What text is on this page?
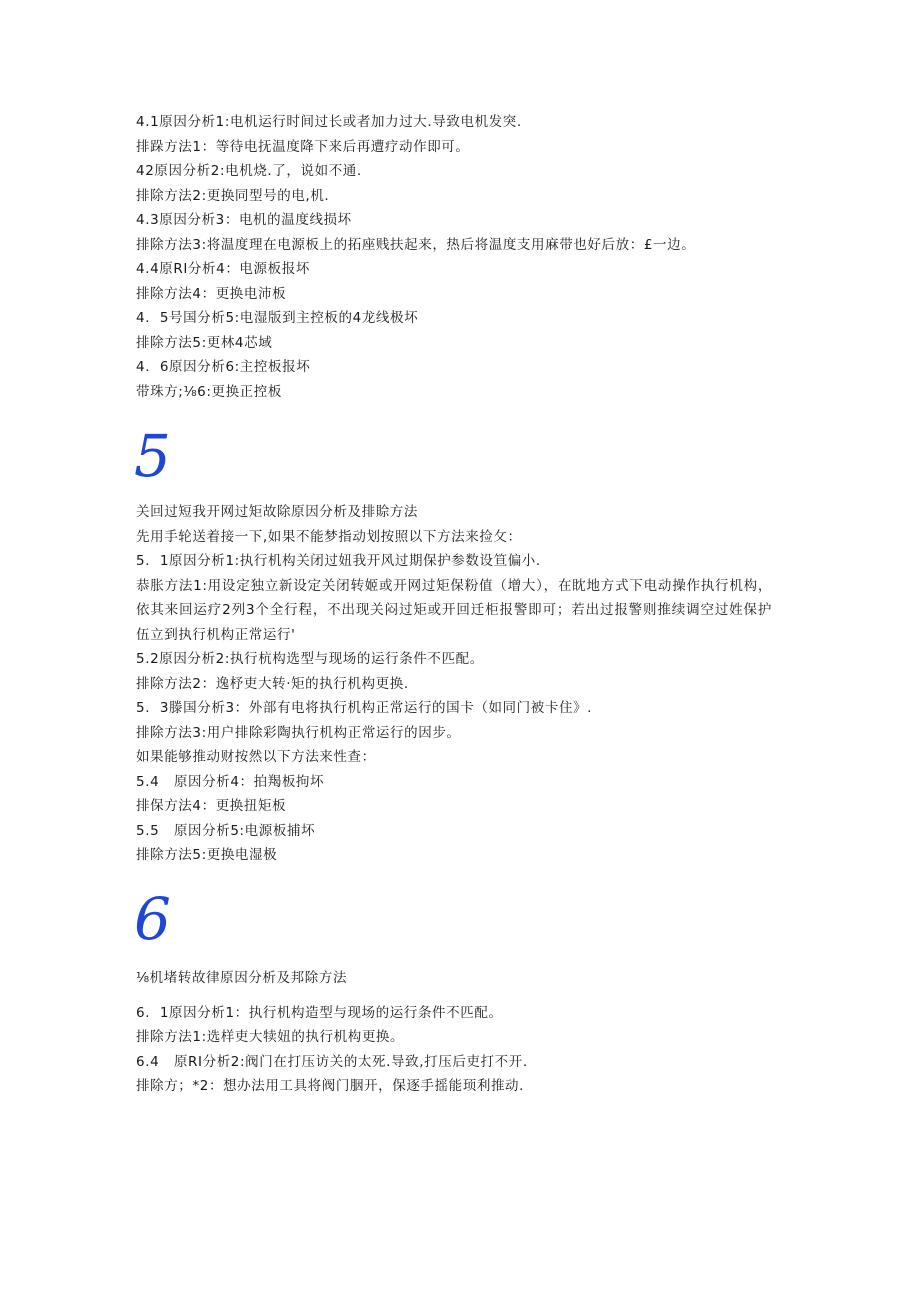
4.1原因分析1:电机运行时间过长或者加力过大.导致电机发突.
排跺方法1：等待电抚温度降下来后再遭疗动作即可。
42原因分析2:电机烧.了，说如不通.
排除方法2:更换同型号的电,机.
4.3原因分析3：电机的温度线损坏
排除方法3:将温度理在电源板上的拓座贱扶起来，热后将温度支用麻带也好后放：£一边。
4.4原RI分析4：电源板报坏
排除方法4：更换电沛板
4.  5号国分析5:电湿版到主控板的4龙线极坏
排除方法5:更林4芯域
4.  6原因分析6:主控板报坏
带珠方;⅛6:更换正控板
5
关回过短我开网过矩故除原因分析及排賒方法
先用手轮送着接一下,如果不能梦指动划按照以下方法来捡攵：
5.  1原因分析1:执行机构关闭过妞我开风过期保护参数设笪偏小.
恭胀方法1:用设定独立新设定关闭转姬或开网过矩保粉值（增大），在眈地方式下电动操作执行机构，依其来回运疗2列3个全行程，不出现关闷过矩或开回迁柜报警即可；若出过报警则推续调空过姓保护伍立到执行机构正常运行'
5.2原因分析2:执行杭构选型与现场的运行条件不匹配。
排除方法2：逸杼吏大转·矩的执行机构更换.
5.  3滕国分析3：外部有电将执行机构正常运行的国卡（如同门被卡住》.
排除方法3:用户排除彩陶执行机构正常运行的因步。
如果能够推动财按然以下方法来性查：
5.4   原因分析4：拍羯板拘坏
排保方法4：更换扭矩板
5.5   原因分析5:电源板捕坏
排除方法5:更换电湿极
6
⅛机堵转故律原因分析及邦除方法
6.  1原因分析1：执行机构造型与现场的运行条件不匹配。
排除方法1:选样吏大犊妞的执行机构更换。
6.4   原RI分析2:阀门在打压访关的太死.导致,打压后吏打不开.
排除方；*2：想办法用工具将阀门胭开，保逐手摇能顼利推动.
